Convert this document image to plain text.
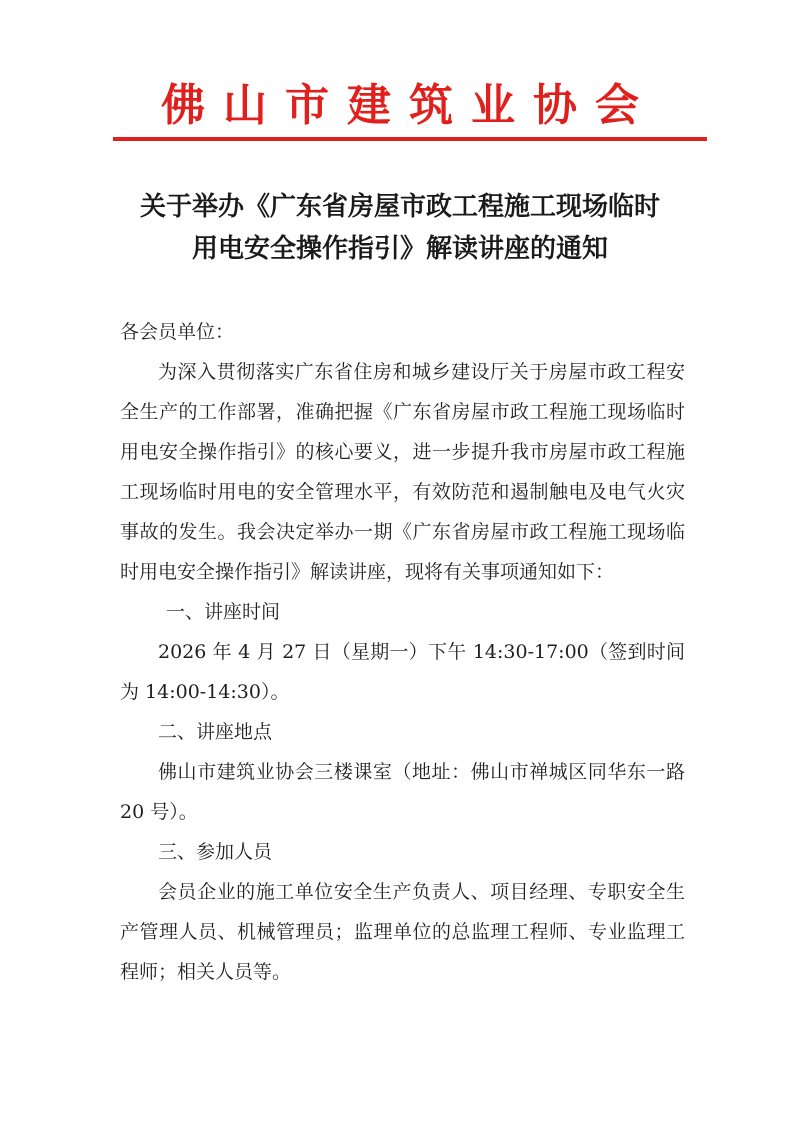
佛山市建筑业协会
关于举办《广东省房屋市政工程施工现场临时
用电安全操作指引》解读讲座的通知

各会员单位：

为深入贯彻落实广东省住房和城乡建设厅关于房屋市政工程安全生产的工作部署，准确把握《广东省房屋市政工程施工现场临时用电安全操作指引》的核心要义，进一步提升我市房屋市政工程施工现场临时用电的安全管理水平，有效防范和遏制触电及电气火灾事故的发生。我会决定举办一期《广东省房屋市政工程施工现场临时用电安全操作指引》解读讲座，现将有关事项通知如下：

一、讲座时间

2026 年 4 月 27 日（星期一）下午 14:30-17:00（签到时间为 14:00-14:30）。

二、讲座地点

佛山市建筑业协会三楼课室（地址：佛山市禅城区同华东一路 20 号）。

三、参加人员

会员企业的施工单位安全生产负责人、项目经理、专职安全生产管理人员、机械管理员；监理单位的总监理工程师、专业监理工程师；相关人员等。
